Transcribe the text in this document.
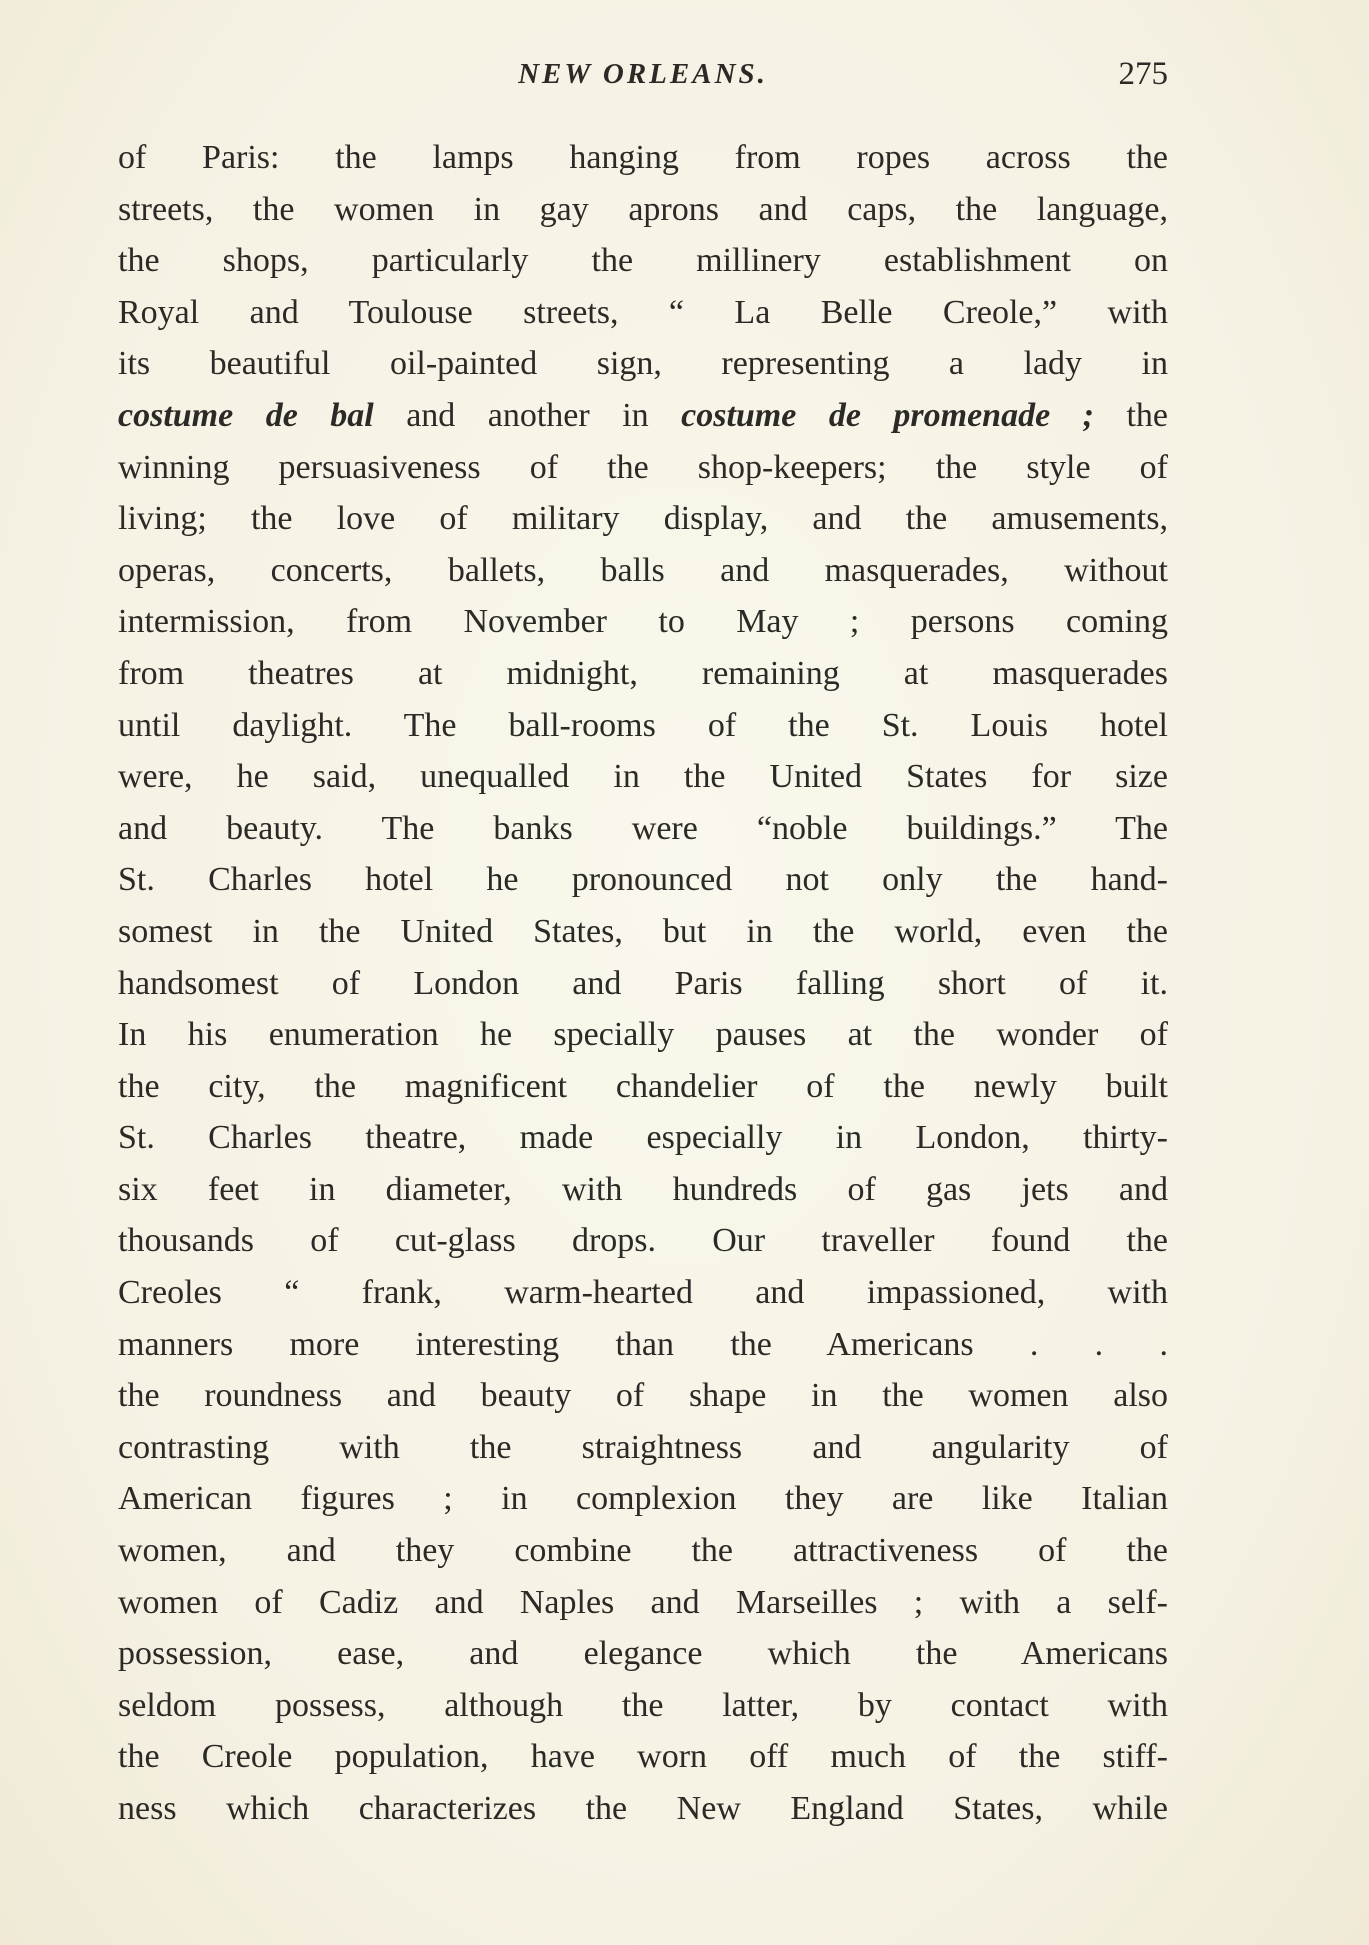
NEW ORLEANS.	275
of Paris: the lamps hanging from ropes across the
streets, the women in gay aprons and caps, the language,
the shops, particularly the millinery establishment on
Royal and Toulouse streets, “ La Belle Creole,” with
its beautiful oil-painted sign, representing a lady in
costume de bal and another in costume de promenade ; the
winning persuasiveness of the shop-keepers; the style of
living; the love of military display, and the amusements,
operas, concerts, ballets, balls and masquerades, without
intermission, from November to May ; persons coming
from theatres at midnight, remaining at masquerades
until daylight. The ball-rooms of the St. Louis hotel
were, he said, unequalled in the United States for size
and beauty. The banks were “noble buildings.” The
St. Charles hotel he pronounced not only the hand-
somest in the United States, but in the world, even the
handsomest of London and Paris falling short of it.
In his enumeration he specially pauses at the wonder of
the city, the magnificent chandelier of the newly built
St. Charles theatre, made especially in London, thirty-
six feet in diameter, with hundreds of gas jets and
thousands of cut-glass drops. Our traveller found the
Creoles “ frank, warm-hearted and impassioned, with
manners more interesting than the Americans . . .
the roundness and beauty of shape in the women also
contrasting with the straightness and angularity of
American figures ; in complexion they are like Italian
women, and they combine the attractiveness of the
women of Cadiz and Naples and Marseilles ; with a self-
possession, ease, and elegance which the Americans
seldom possess, although the latter, by contact with
the Creole population, have worn off much of the stiff-
ness which characterizes the New England States, while
